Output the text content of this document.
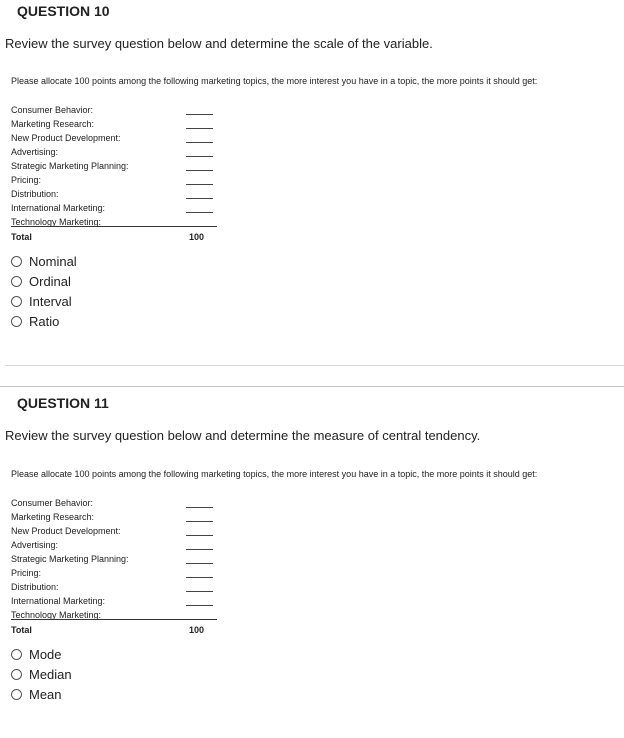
QUESTION 10
Review the survey question below and determine the scale of the variable.
Please allocate 100 points among the following marketing topics, the more interest you have in a topic, the more points it should get:
Consumer Behavior:
Marketing Research:
New Product Development:
Advertising:
Strategic Marketing Planning:
Pricing:
Distribution:
International Marketing:
Technology Marketing:
Total	100
Nominal
Ordinal
Interval
Ratio
QUESTION 11
Review the survey question below and determine the measure of central tendency.
Please allocate 100 points among the following marketing topics, the more interest you have in a topic, the more points it should get:
Consumer Behavior:
Marketing Research:
New Product Development:
Advertising:
Strategic Marketing Planning:
Pricing:
Distribution:
International Marketing:
Technology Marketing:
Total	100
Mode
Median
Mean
